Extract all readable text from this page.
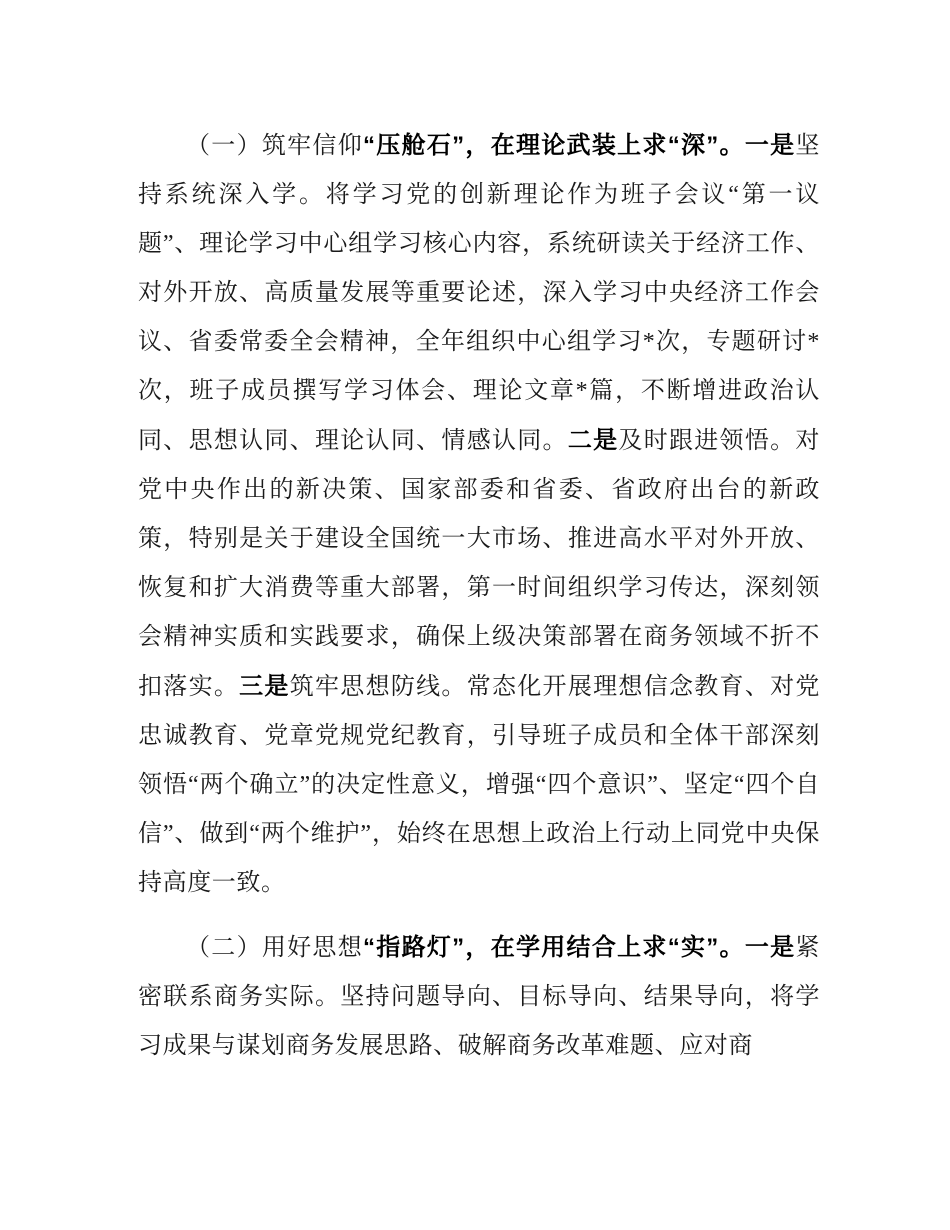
（一）筑牢信仰“压舱石”，在理论武装上求“深”。一是坚持系统深入学。将学习党的创新理论作为班子会议“第一议题”、理论学习中心组学习核心内容，系统研读关于经济工作、对外开放、高质量发展等重要论述，深入学习中央经济工作会议、省委常委全会精神，全年组织中心组学习*次，专题研讨*次，班子成员撰写学习体会、理论文章*篇，不断增进政治认同、思想认同、理论认同、情感认同。二是及时跟进领悟。对党中央作出的新决策、国家部委和省委、省政府出台的新政策，特别是关于建设全国统一大市场、推进高水平对外开放、恢复和扩大消费等重大部署，第一时间组织学习传达，深刻领会精神实质和实践要求，确保上级决策部署在商务领域不折不扣落实。三是筑牢思想防线。常态化开展理想信念教育、对党忠诚教育、党章党规党纪教育，引导班子成员和全体干部深刻领悟“两个确立”的决定性意义，增强“四个意识”、坚定“四个自信”、做到“两个维护”，始终在思想上政治上行动上同党中央保持高度一致。

（二）用好思想“指路灯”，在学用结合上求“实”。一是紧密联系商务实际。坚持问题导向、目标导向、结果导向，将学习成果与谋划商务发展思路、破解商务改革难题、应对商
